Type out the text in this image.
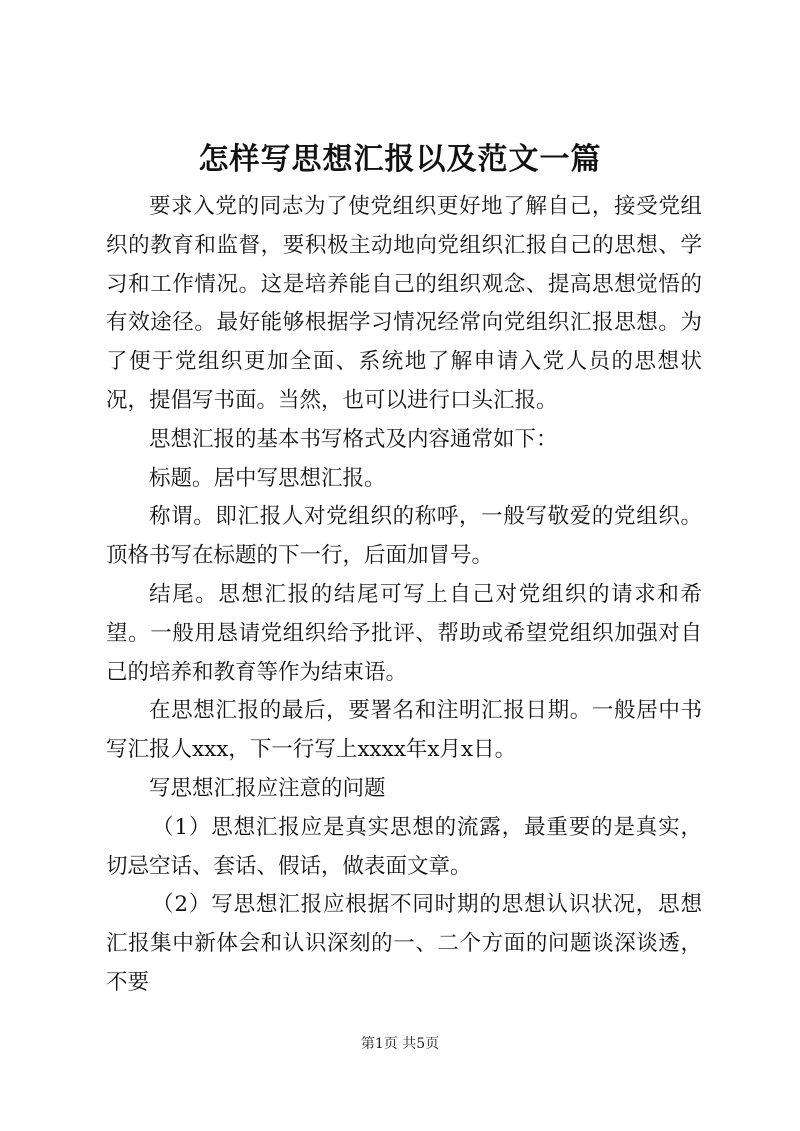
怎样写思想汇报以及范文一篇

要求入党的同志为了使党组织更好地了解自己，接受党组织的教育和监督，要积极主动地向党组织汇报自己的思想、学习和工作情况。这是培养能自己的组织观念、提高思想觉悟的有效途径。最好能够根据学习情况经常向党组织汇报思想。为了便于党组织更加全面、系统地了解申请入党人员的思想状况，提倡写书面。当然，也可以进行口头汇报。

思想汇报的基本书写格式及内容通常如下：

标题。居中写思想汇报。

称谓。即汇报人对党组织的称呼，一般写敬爱的党组织。顶格书写在标题的下一行，后面加冒号。

结尾。思想汇报的结尾可写上自己对党组织的请求和希望。一般用恳请党组织给予批评、帮助或希望党组织加强对自己的培养和教育等作为结束语。

在思想汇报的最后，要署名和注明汇报日期。一般居中书写汇报人xxx，下一行写上xxxx年x月x日。

写思想汇报应注意的问题

（1）思想汇报应是真实思想的流露，最重要的是真实，切忌空话、套话、假话，做表面文章。

（2）写思想汇报应根据不同时期的思想认识状况，思想汇报集中新体会和认识深刻的一、二个方面的问题谈深谈透，不要

第1页 共5页
